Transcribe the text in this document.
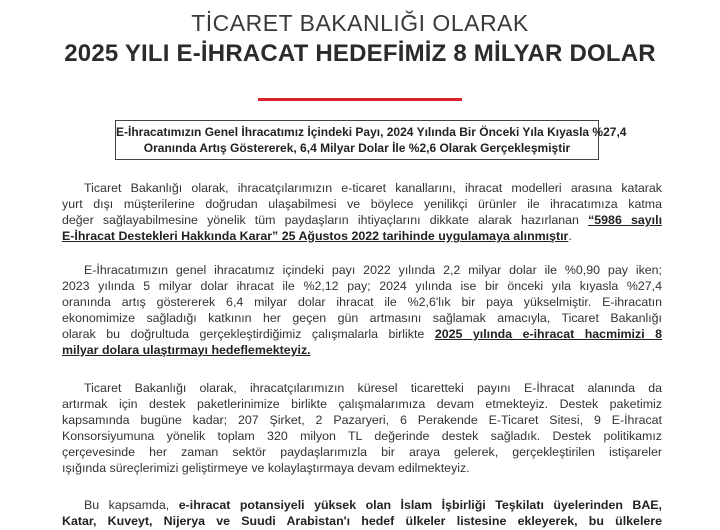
TİCARET BAKANLIĞI OLARAK
2025 YILI E-İHRACAT HEDEFİMİZ 8 MİLYAR DOLAR
E-İhracatımızın Genel İhracatımız İçindeki Payı, 2024 Yılında Bir Önceki Yıla Kıyasla %27,4
Oranında Artış Göstererek, 6,4 Milyar Dolar İle %2,6 Olarak Gerçekleşmiştir
Ticaret Bakanlığı olarak, ihracatçılarımızın e-ticaret kanallarını, ihracat modelleri arasına katarak
yurt dışı müşterilerine doğrudan ulaşabilmesi ve böylece yenilikçi ürünler ile ihracatımıza katma
değer sağlayabilmesine yönelik tüm paydaşların ihtiyaçlarını dikkate alarak hazırlanan “5986 sayılı
E-İhracat Destekleri Hakkında Karar” 25 Ağustos 2022 tarihinde uygulamaya alınmıştır.
E-İhracatımızın genel ihracatımız içindeki payı 2022 yılında 2,2 milyar dolar ile %0,90 pay iken;
2023 yılında 5 milyar dolar ihracat ile %2,12 pay; 2024 yılında ise bir önceki yıla kıyasla %27,4
oranında artış göstererek 6,4 milyar dolar ihracat ile %2,6'lık bir paya yükselmiştir. E-ihracatın
ekonomimize sağladığı katkının her geçen gün artmasını sağlamak amacıyla, Ticaret Bakanlığı
olarak bu doğrultuda gerçekleştirdiğimiz çalışmalarla birlikte 2025 yılında e-ihracat hacmimizi 8
milyar dolara ulaştırmayı hedeflemekteyiz.
Ticaret Bakanlığı olarak, ihracatçılarımızın küresel ticaretteki payını E-İhracat alanında da
artırmak için destek paketlerinimize birlikte çalışmalarımıza devam etmekteyiz. Destek paketimiz
kapsamında bugüne kadar; 207 Şirket, 2 Pazaryeri, 6 Perakende E-Ticaret Sitesi, 9 E-İhracat
Konsorsiyumuna yönelik toplam 320 milyon TL değerinde destek sağladık. Destek politikamız
çerçevesinde her zaman sektör paydaşlarımızla bir araya gelerek, gerçekleştirilen istişareler
ışığında süreçlerimizi geliştirmeye ve kolaylaştırmaya devam edilmekteyiz.
Bu kapsamda, e-ihracat potansiyeli yüksek olan İslam İşbirliği Teşkilatı üyelerinden BAE,
Katar, Kuveyt, Nijerya ve Suudi Arabistan'ı hedef ülkeler listesine ekleyerek, bu ülkelere
